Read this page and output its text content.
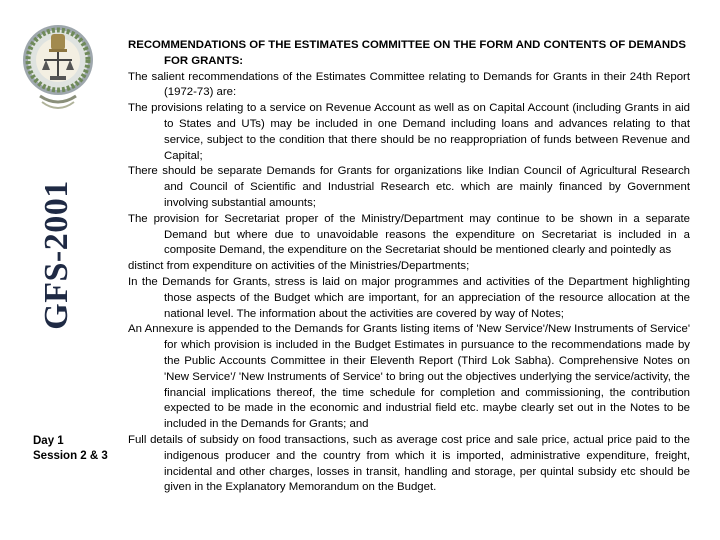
GFS-2001
Day 1
Session 2 & 3

RECOMMENDATIONS OF THE ESTIMATES COMMITTEE ON THE FORM AND CONTENTS OF DEMANDS FOR GRANTS:

The salient recommendations of the Estimates Committee relating to Demands for Grants in their 24th Report (1972-73) are:

The provisions relating to a service on Revenue Account as well as on Capital Account (including Grants in aid to States and UTs) may be included in one Demand including loans and advances relating to that service, subject to the condition that there should be no reappropriation of funds between Revenue and Capital;

There should be separate Demands for Grants for organizations like Indian Council of Agricultural Research and Council of Scientific and Industrial Research etc. which are mainly financed by Government involving substantial amounts;

The provision for Secretariat proper of the Ministry/Department may continue to be shown in a separate Demand but where due to unavoidable reasons the expenditure on Secretariat is included in a composite Demand, the expenditure on the Secretariat should be mentioned clearly and pointedly as

distinct from expenditure on activities of the Ministries/Departments;

In the Demands for Grants, stress is laid on major programmes and activities of the Department highlighting those aspects of the Budget which are important, for an appreciation of the resource allocation at the national level. The information about the activities are covered by way of Notes;

An Annexure is appended to the Demands for Grants listing items of 'New Service'/New Instruments of Service' for which provision is included in the Budget Estimates in pursuance to the recommendations made by the Public Accounts Committee in their Eleventh Report (Third Lok Sabha). Comprehensive Notes on 'New Service'/ 'New Instruments of Service' to bring out the objectives underlying the service/activity, the financial implications thereof, the time schedule for completion and commissioning, the contribution expected to be made in the economic and industrial field etc. maybe clearly set out in the Notes to be included in the Demands for Grants; and

Full details of subsidy on food transactions, such as average cost price and sale price, actual price paid to the indigenous producer and the country from which it is imported, administrative expenditure, freight, incidental and other charges, losses in transit, handling and storage, per quintal subsidy etc should be given in the Explanatory Memorandum on the Budget.
